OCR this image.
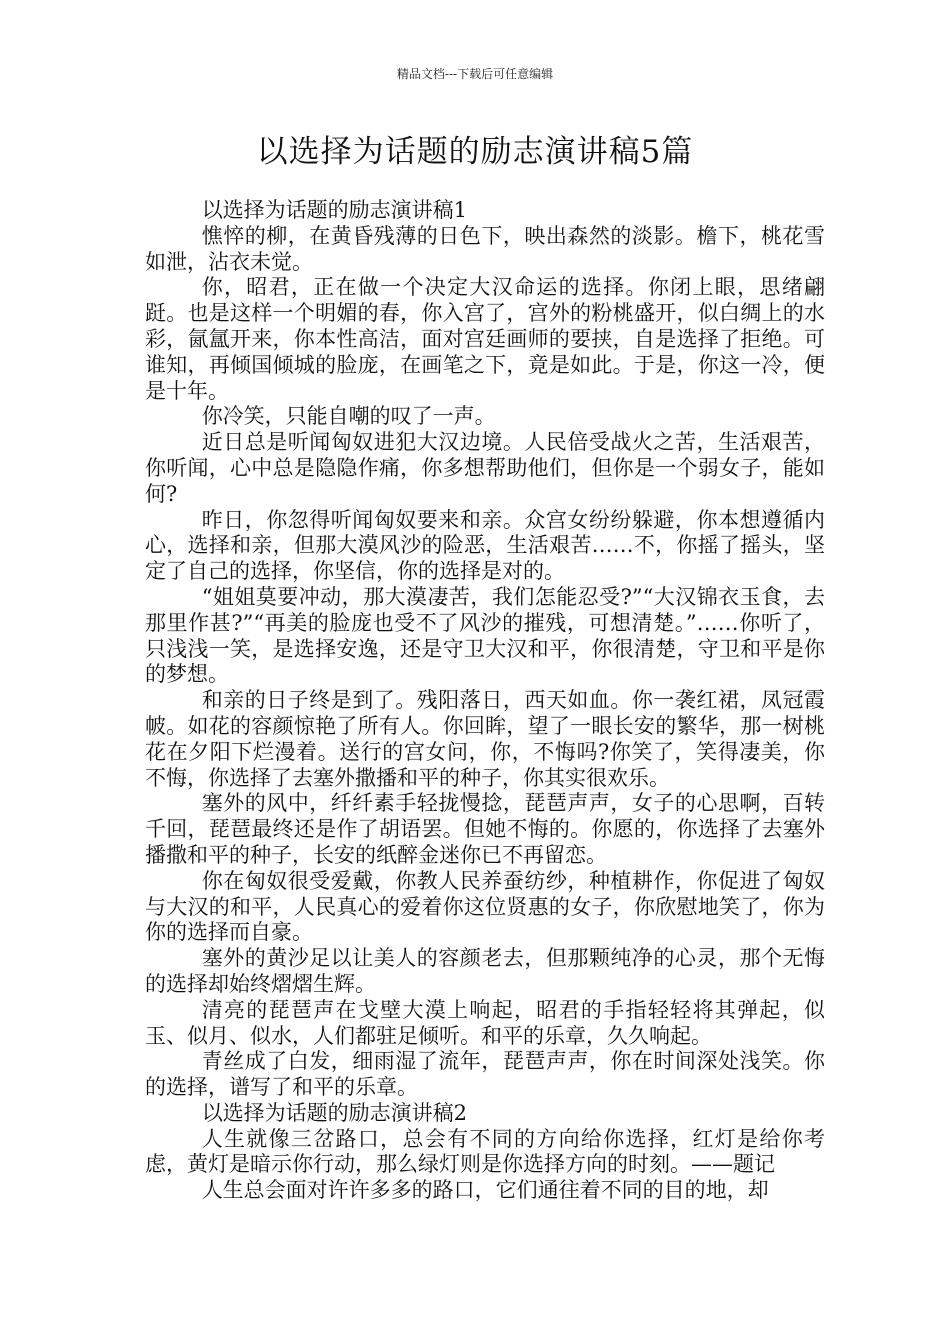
精品文档---下载后可任意编辑
以选择为话题的励志演讲稿5篇

以选择为话题的励志演讲稿1

憔悴的柳，在黄昏残薄的日色下，映出森然的淡影。檐下，桃花雪如泄，沾衣未觉。

你，昭君，正在做一个决定大汉命运的选择。你闭上眼，思绪翩跹。也是这样一个明媚的春，你入宫了，宫外的粉桃盛开，似白绸上的水彩，氤氲开来，你本性高洁，面对宫廷画师的要挟，自是选择了拒绝。可谁知，再倾国倾城的脸庞，在画笔之下，竟是如此。于是，你这一冷，便是十年。

你冷笑，只能自嘲的叹了一声。

近日总是听闻匈奴进犯大汉边境。人民倍受战火之苦，生活艰苦，你听闻，心中总是隐隐作痛，你多想帮助他们，但你是一个弱女子，能如何?

昨日，你忽得听闻匈奴要来和亲。众宫女纷纷躲避，你本想遵循内心，选择和亲，但那大漠风沙的险恶，生活艰苦……不，你摇了摇头，坚定了自己的选择，你坚信，你的选择是对的。

“姐姐莫要冲动，那大漠凄苦，我们怎能忍受?”“大汉锦衣玉食，去那里作甚?”“再美的脸庞也受不了风沙的摧残，可想清楚。”……你听了，只浅浅一笑，是选择安逸，还是守卫大汉和平，你很清楚，守卫和平是你的梦想。

和亲的日子终是到了。残阳落日，西天如血。你一袭红裙，凤冠霞帔。如花的容颜惊艳了所有人。你回眸，望了一眼长安的繁华，那一树桃花在夕阳下烂漫着。送行的宫女问，你，不悔吗?你笑了，笑得凄美，你不悔，你选择了去塞外撒播和平的种子，你其实很欢乐。

塞外的风中，纤纤素手轻拢慢捻，琵琶声声，女子的心思啊，百转千回，琵琶最终还是作了胡语罢。但她不悔的。你愿的，你选择了去塞外播撒和平的种子，长安的纸醉金迷你已不再留恋。

你在匈奴很受爱戴，你教人民养蚕纺纱，种植耕作，你促进了匈奴与大汉的和平，人民真心的爱着你这位贤惠的女子，你欣慰地笑了，你为你的选择而自豪。

塞外的黄沙足以让美人的容颜老去，但那颗纯净的心灵，那个无悔的选择却始终熠熠生辉。

清亮的琵琶声在戈壁大漠上响起，昭君的手指轻轻将其弹起，似玉、似月、似水，人们都驻足倾听。和平的乐章，久久响起。

青丝成了白发，细雨湿了流年，琵琶声声，你在时间深处浅笑。你的选择，谱写了和平的乐章。

以选择为话题的励志演讲稿2

人生就像三岔路口，总会有不同的方向给你选择，红灯是给你考虑，黄灯是暗示你行动，那么绿灯则是你选择方向的时刻。——题记

人生总会面对许许多多的路口，它们通往着不同的目的地，却
